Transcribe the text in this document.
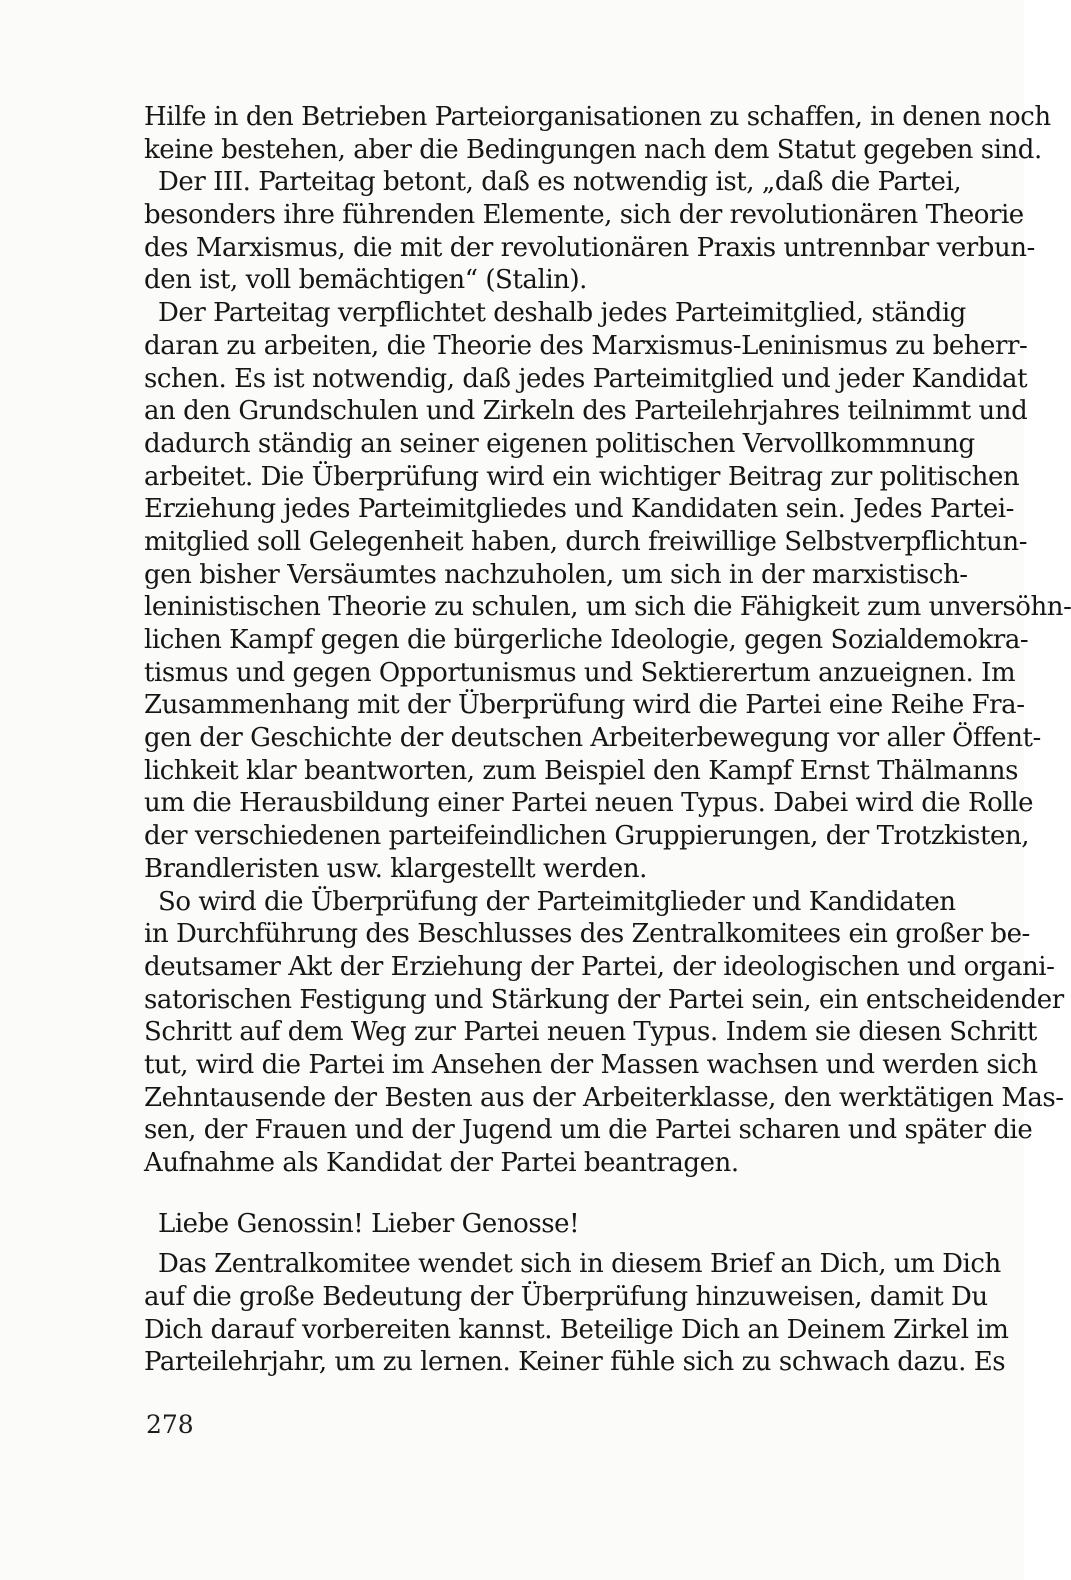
Hilfe in den Betrieben Parteiorganisationen zu schaffen, in denen noch
keine bestehen, aber die Bedingungen nach dem Statut gegeben sind.
Der III. Parteitag betont, daß es notwendig ist, „daß die Partei,
besonders ihre führenden Elemente, sich der revolutionären Theorie
des Marxismus, die mit der revolutionären Praxis untrennbar verbun-
den ist, voll bemächtigen“ (Stalin).
Der Parteitag verpflichtet deshalb jedes Parteimitglied, ständig
daran zu arbeiten, die Theorie des Marxismus-Leninismus zu beherr-
schen. Es ist notwendig, daß jedes Parteimitglied und jeder Kandidat
an den Grundschulen und Zirkeln des Parteilehrjahres teilnimmt und
dadurch ständig an seiner eigenen politischen Vervollkommnung
arbeitet. Die Überprüfung wird ein wichtiger Beitrag zur politischen
Erziehung jedes Parteimitgliedes und Kandidaten sein. Jedes Partei-
mitglied soll Gelegenheit haben, durch freiwillige Selbstverpflichtun-
gen bisher Versäumtes nachzuholen, um sich in der marxistisch-
leninistischen Theorie zu schulen, um sich die Fähigkeit zum unversöhn-
lichen Kampf gegen die bürgerliche Ideologie, gegen Sozialdemokra-
tismus und gegen Opportunismus und Sektierertum anzueignen. Im
Zusammenhang mit der Überprüfung wird die Partei eine Reihe Fra-
gen der Geschichte der deutschen Arbeiterbewegung vor aller Öffent-
lichkeit klar beantworten, zum Beispiel den Kampf Ernst Thälmanns
um die Herausbildung einer Partei neuen Typus. Dabei wird die Rolle
der verschiedenen parteifeindlichen Gruppierungen, der Trotzkisten,
Brandleristen usw. klargestellt werden.
So wird die Überprüfung der Parteimitglieder und Kandidaten
in Durchführung des Beschlusses des Zentralkomitees ein großer be-
deutsamer Akt der Erziehung der Partei, der ideologischen und organi-
satorischen Festigung und Stärkung der Partei sein, ein entscheidender
Schritt auf dem Weg zur Partei neuen Typus. Indem sie diesen Schritt
tut, wird die Partei im Ansehen der Massen wachsen und werden sich
Zehntausende der Besten aus der Arbeiterklasse, den werktätigen Mas-
sen, der Frauen und der Jugend um die Partei scharen und später die
Aufnahme als Kandidat der Partei beantragen.
Liebe Genossin! Lieber Genosse!
Das Zentralkomitee wendet sich in diesem Brief an Dich, um Dich
auf die große Bedeutung der Überprüfung hinzuweisen, damit Du
Dich darauf vorbereiten kannst. Beteilige Dich an Deinem Zirkel im
Parteilehrjahr, um zu lernen. Keiner fühle sich zu schwach dazu. Es
278
